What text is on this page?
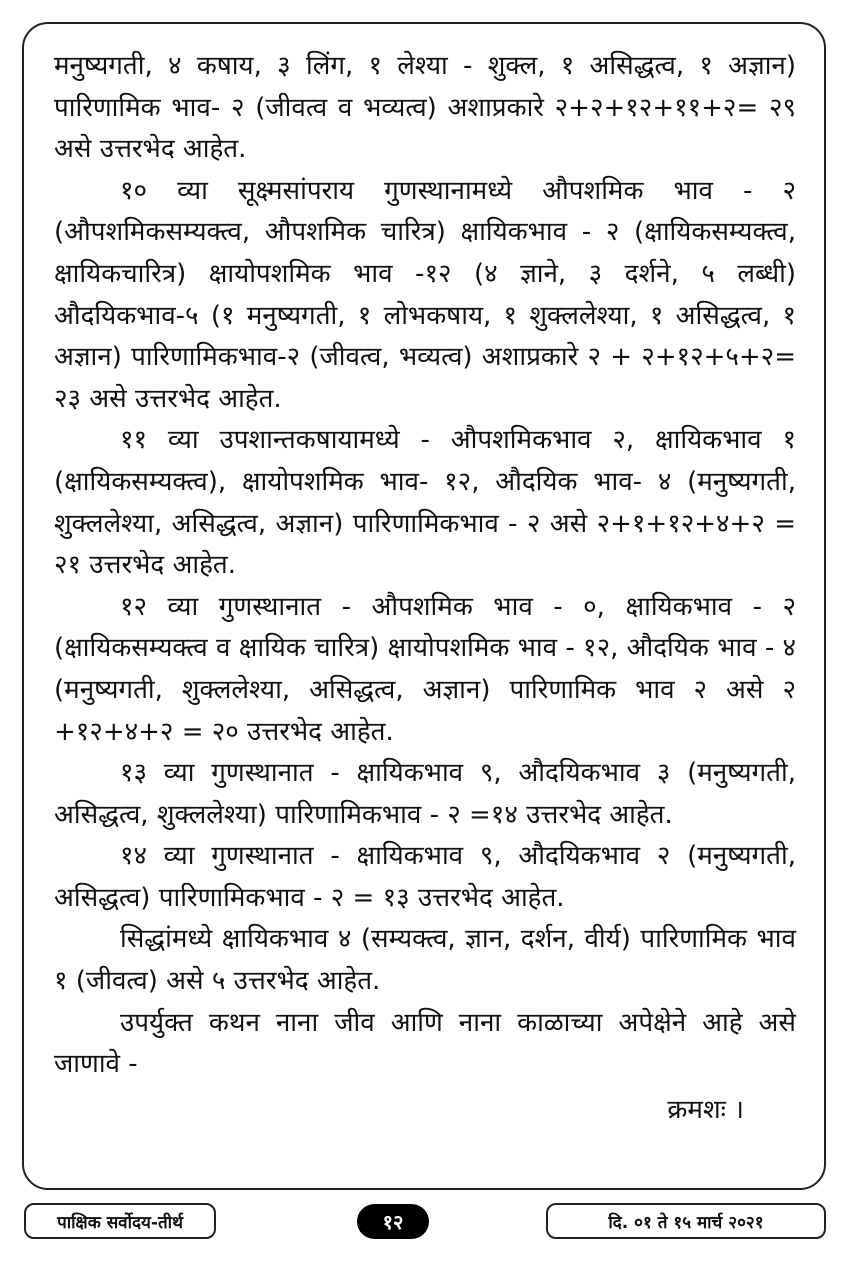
मनुष्यगती, ४ कषाय, ३ लिंग, १ लेश्या - शुक्ल, १ असिद्धत्व, १ अज्ञान) पारिणामिक भाव- २ (जीवत्व व भव्यत्व) अशाप्रकारे २+२+१२+११+२= २९ असे उत्तरभेद आहेत.

१० व्या सूक्ष्मसांपराय गुणस्थानामध्ये औपशमिक भाव - २ (औपशमिकसम्यक्त्व, औपशमिक चारित्र) क्षायिकभाव - २ (क्षायिकसम्यक्त्व, क्षायिकचारित्र) क्षायोपशमिक भाव -१२ (४ ज्ञाने, ३ दर्शने, ५ लब्धी) औदयिकभाव-५ (१ मनुष्यगती, १ लोभकषाय, १ शुक्ललेश्या, १ असिद्धत्व, १ अज्ञान) पारिणामिकभाव-२ (जीवत्व, भव्यत्व) अशाप्रकारे २ + २+१२+५+२= २३ असे उत्तरभेद आहेत.

११ व्या उपशान्तकषायामध्ये - औपशमिकभाव २, क्षायिकभाव १ (क्षायिकसम्यक्त्व), क्षायोपशमिक भाव- १२, औदयिक भाव- ४ (मनुष्यगती, शुक्ललेश्या, असिद्धत्व, अज्ञान) पारिणामिकभाव - २ असे २+१+१२+४+२ = २१ उत्तरभेद आहेत.

१२ व्या गुणस्थानात - औपशमिक भाव - ०, क्षायिकभाव - २ (क्षायिकसम्यक्त्व व क्षायिक चारित्र) क्षायोपशमिक भाव - १२, औदयिक भाव - ४ (मनुष्यगती, शुक्ललेश्या, असिद्धत्व, अज्ञान) पारिणामिक भाव २ असे २ +१२+४+२ = २० उत्तरभेद आहेत.

१३ व्या गुणस्थानात - क्षायिकभाव ९, औदयिकभाव ३ (मनुष्यगती, असिद्धत्व, शुक्ललेश्या) पारिणामिकभाव - २ =१४ उत्तरभेद आहेत.

१४ व्या गुणस्थानात - क्षायिकभाव ९, औदयिकभाव २ (मनुष्यगती, असिद्धत्व) पारिणामिकभाव - २ = १३ उत्तरभेद आहेत.

सिद्धांमध्ये क्षायिकभाव ४ (सम्यक्त्व, ज्ञान, दर्शन, वीर्य) पारिणामिक भाव १ (जीवत्व) असे ५ उत्तरभेद आहेत.

उपर्युक्त कथन नाना जीव आणि नाना काळाच्या अपेक्षेने आहे असे जाणावे -

क्रमशः ।
पाक्षिक सर्वोदय-तीर्थ	१२	दि. ०१ ते १५ मार्च २०२१
